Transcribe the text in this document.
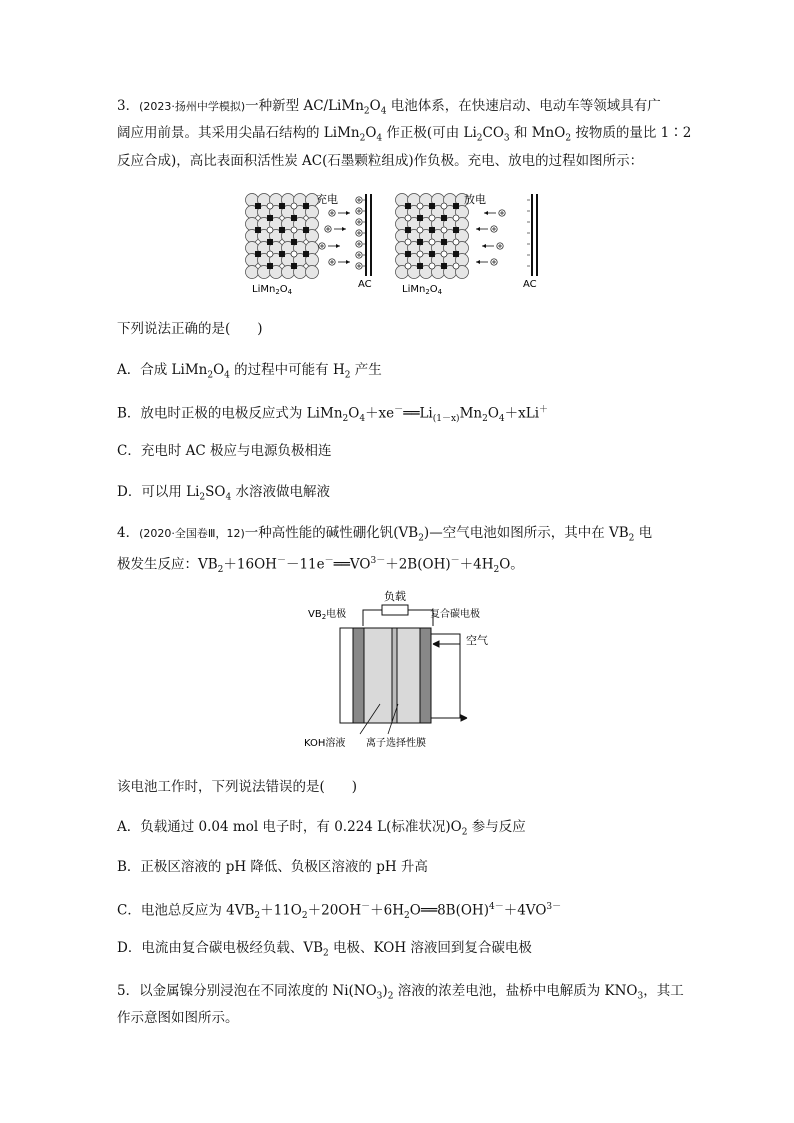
3．(2023·扬州中学模拟)一种新型 $AC/LiMn_2O_4$ 电池体系，在快速启动、电动车等领域具有广
阔应用前景。其采用尖晶石结构的 $LiMn_2O_4$ 作正极(可由 $Li_2CO_3$ 和 MnO$_2$ 按物质的量比 1∶2
反应合成)，高比表面积活性炭 AC(石墨颗粒组成)作负极。充电、放电的过程如图所示：
充电	放电
$LiMn_2O_4$	$LiMn_2O_4$
AC	AC
下列说法正确的是(　　)
A．合成 $LiMn_2O_4$ 的过程中可能有 $H_2$ 产生
B．放电时正极的电极反应式为 $LiMn_2O_4+xe^-══Li_{(1-x)}Mn_2O_4+xLi^+$
C．充电时 AC 极应与电源负极相连
D．可以用 $Li_2SO_4$ 水溶液做电解液
4．(2020·全国卷Ⅲ，12)一种高性能的碱性硼化钒$(VB_2)—$空气电池如图所示，其中在 $VB_2$ 电
极发生反应：$VB_2+16OH^--11e^-══VO^{3-}+2B(OH)^-+4H_2O$。
负载
空气
$VB_2$电极	复合碳电极
KOH溶液 离子选择性膜
该电池工作时，下列说法错误的是(　　)
A．负载通过 0.04 mol 电子时，有 0.224 L(标准状况)$O_2$ 参与反应
B．正极区溶液的 pH 降低、负极区溶液的 pH 升高
C．电池总反应为 $4VB_2+11O_2+20OH^-+6H_2O══8B(OH)^{4-}+4VO^{3-}$
D．电流由复合碳电极经负载、$VB_2$ 电极、KOH 溶液回到复合碳电极
5．以金属镍分别浸泡在不同浓度的 $Ni(NO_3)_2$ 溶液的浓差电池，盐桥中电解质为 $KNO_3$，其工
作示意图如图所示。
